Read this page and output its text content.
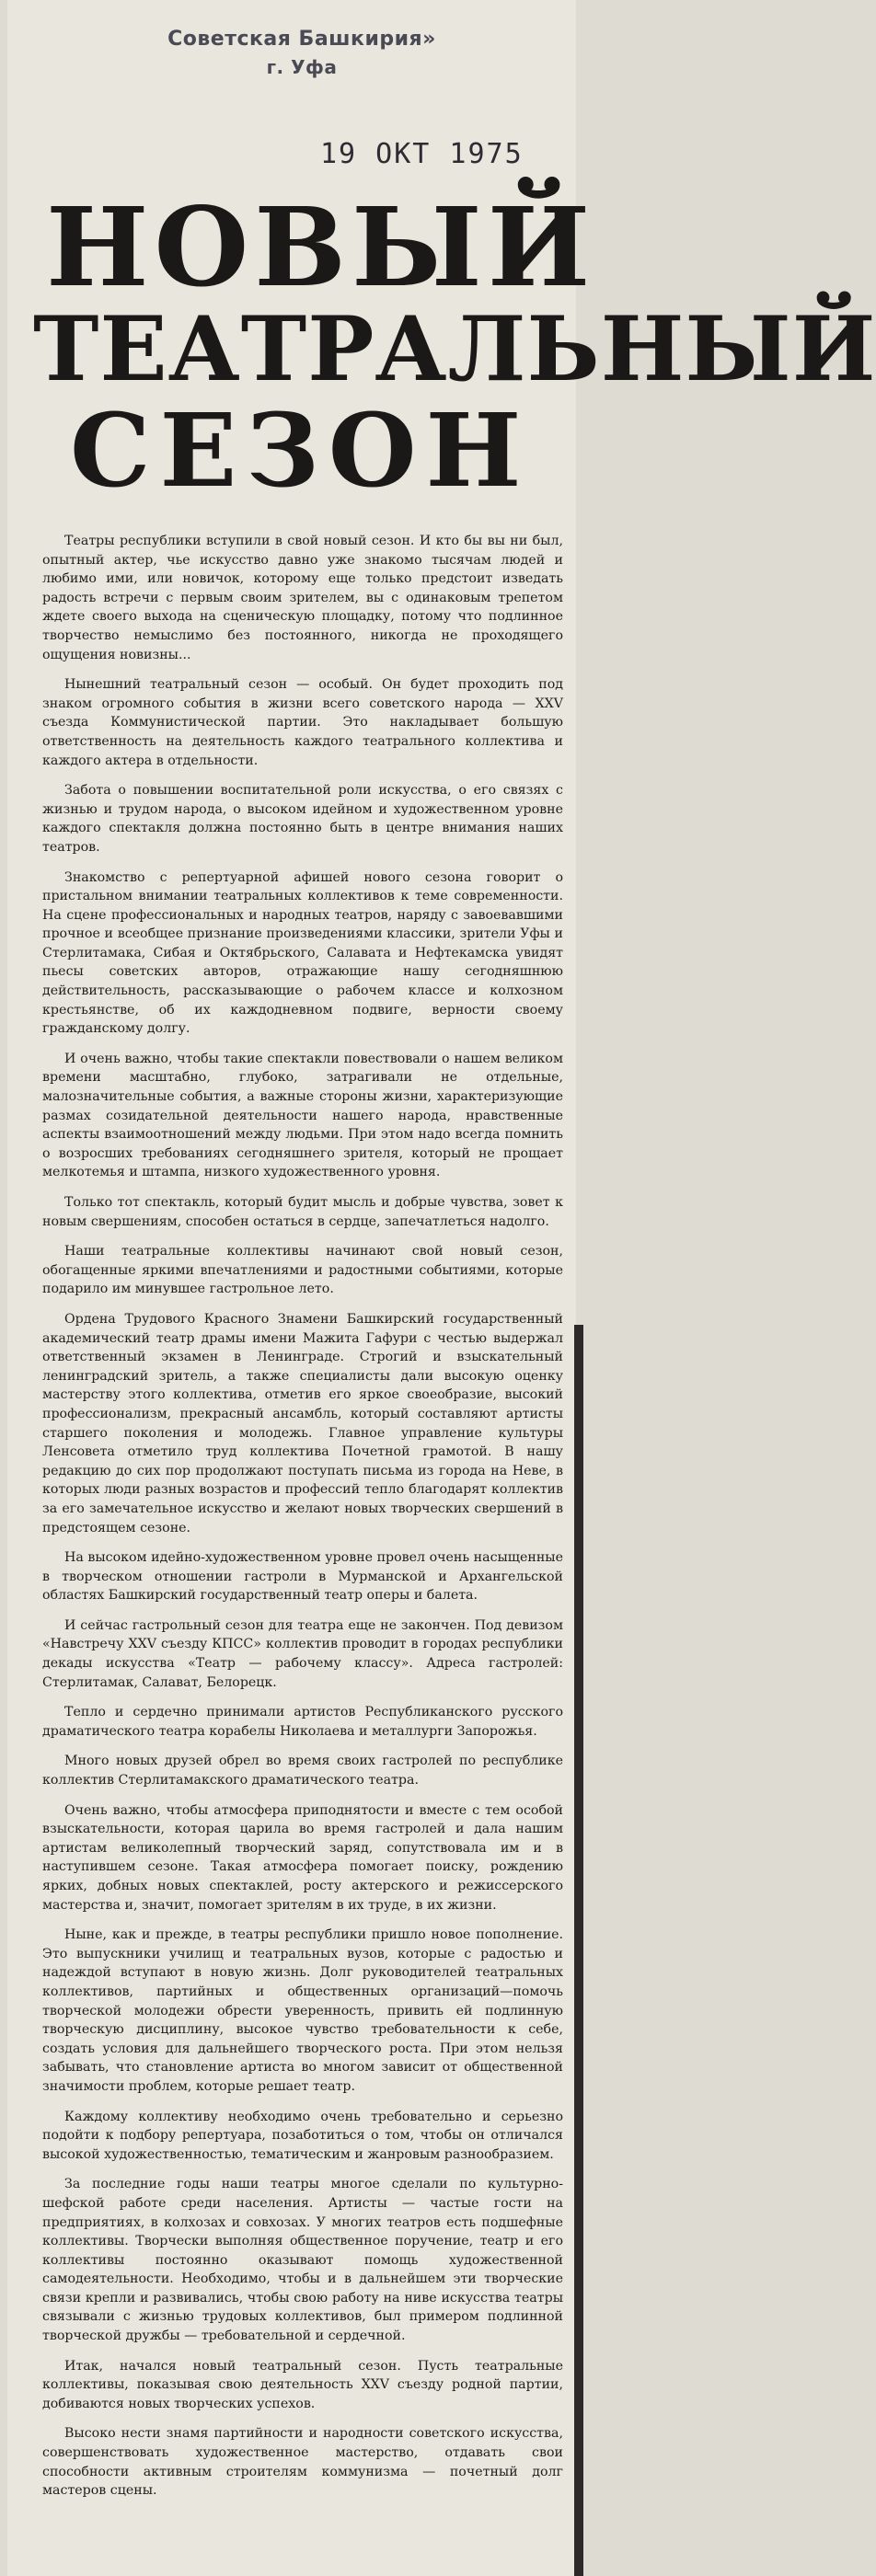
Советская Башкирия»
г. Уфа
19 ОКТ 1975
НОВЫЙ
ТЕАТРАЛЬНЫЙ
СЕЗОН

Театры республики вступили в свой новый сезон. И кто бы вы ни был, опытный актер, чье искусство давно уже знакомо тысячам людей и любимо ими, или новичок, которому еще только предстоит изведать радость встречи с первым своим зрителем, вы с одинаковым трепетом ждете своего выхода на сценическую площадку, потому что подлинное творчество немыслимо без постоянного, никогда не проходящего ощущения новизны...

Нынешний театральный сезон — особый. Он будет проходить под знаком огромного события в жизни всего советского народа — XXV съезда Коммунистической партии. Это накладывает большую ответственность на деятельность каждого театрального коллектива и каждого актера в отдельности.

Забота о повышении воспитательной роли искусства, о его связях с жизнью и трудом народа, о высоком идейном и художественном уровне каждого спектакля должна постоянно быть в центре внимания наших театров.

Знакомство с репертуарной афишей нового сезона говорит о пристальном внимании театральных коллективов к теме современности. На сцене профессиональных и народных театров, наряду с завоевавшими прочное и всеобщее признание произведениями классики, зрители Уфы и Стерлитамака, Сибая и Октябрьского, Салавата и Нефтекамска увидят пьесы советских авторов, отражающие нашу сегодняшнюю действительность, рассказывающие о рабочем классе и колхозном крестьянстве, об их каждодневном подвиге, верности своему гражданскому долгу.

И очень важно, чтобы такие спектакли повествовали о нашем великом времени масштабно, глубоко, затрагивали не отдельные, малозначительные события, а важные стороны жизни, характеризующие размах созидательной деятельности нашего народа, нравственные аспекты взаимоотношений между людьми. При этом надо всегда помнить о возросших требованиях сегодняшнего зрителя, который не прощает мелкотемья и штампа, низкого художественного уровня.

Только тот спектакль, который будит мысль и добрые чувства, зовет к новым свершениям, способен остаться в сердце, запечатлеться надолго.

Наши театральные коллективы начинают свой новый сезон, обогащенные яркими впечатлениями и радостными событиями, которые подарило им минувшее гастрольное лето.

Ордена Трудового Красного Знамени Башкирский государственный академический театр драмы имени Мажита Гафури с честью выдержал ответственный экзамен в Ленинграде. Строгий и взыскательный ленинградский зритель, а также специалисты дали высокую оценку мастерству этого коллектива, отметив его яркое своеобразие, высокий профессионализм, прекрасный ансамбль, который составляют артисты старшего поколения и молодежь. Главное управление культуры Ленсовета отметило труд коллектива Почетной грамотой. В нашу редакцию до сих пор продолжают поступать письма из города на Неве, в которых люди разных возрастов и профессий тепло благодарят коллектив за его замечательное искусство и желают новых творческих свершений в предстоящем сезоне.

На высоком идейно-художественном уровне провел очень насыщенные в творческом отношении гастроли в Мурманской и Архангельской областях Башкирский государственный театр оперы и балета.

И сейчас гастрольный сезон для театра еще не закончен. Под девизом «Навстречу XXV съезду КПСС» коллектив проводит в городах республики декады искусства «Театр — рабочему классу». Адреса гастролей: Стерлитамак, Салават, Белорецк.

Тепло и сердечно принимали артистов Республиканского русского драматического театра корабелы Николаева и металлурги Запорожья.

Много новых друзей обрел во время своих гастролей по республике коллектив Стерлитамакского драматического театра.

Очень важно, чтобы атмосфера приподнятости и вместе с тем особой взыскательности, которая царила во время гастролей и дала нашим артистам великолепный творческий заряд, сопутствовала им и в наступившем сезоне. Такая атмосфера помогает поиску, рождению ярких, добных новых спектаклей, росту актерского и режиссерского мастерства и, значит, помогает зрителям в их труде, в их жизни.

Ныне, как и прежде, в театры республики пришло новое пополнение. Это выпускники училищ и театральных вузов, которые с радостью и надеждой вступают в новую жизнь. Долг руководителей театральных коллективов, партийных и общественных организаций—помочь творческой молодежи обрести уверенность, привить ей подлинную творческую дисциплину, высокое чувство требовательности к себе, создать условия для дальнейшего творческого роста. При этом нельзя забывать, что становление артиста во многом зависит от общественной значимости проблем, которые решает театр.

Каждому коллективу необходимо очень требовательно и серьезно подойти к подбору репертуара, позаботиться о том, чтобы он отличался высокой художественностью, тематическим и жанровым разнообразием.

За последние годы наши театры многое сделали по культурно-шефской работе среди населения. Артисты — частые гости на предприятиях, в колхозах и совхозах. У многих театров есть подшефные коллективы. Творчески выполняя общественное поручение, театр и его коллективы постоянно оказывают помощь художественной самодеятельности. Необходимо, чтобы и в дальнейшем эти творческие связи крепли и развивались, чтобы свою работу на ниве искусства театры связывали с жизнью трудовых коллективов, был примером подлинной творческой дружбы — требовательной и сердечной.

Итак, начался новый театральный сезон. Пусть театральные коллективы, показывая свою деятельность XXV съезду родной партии, добиваются новых творческих успехов.

Высоко нести знамя партийности и народности советского искусства, совершенствовать художественное мастерство, отдавать свои способности активным строителям коммунизма — почетный долг мастеров сцены.
